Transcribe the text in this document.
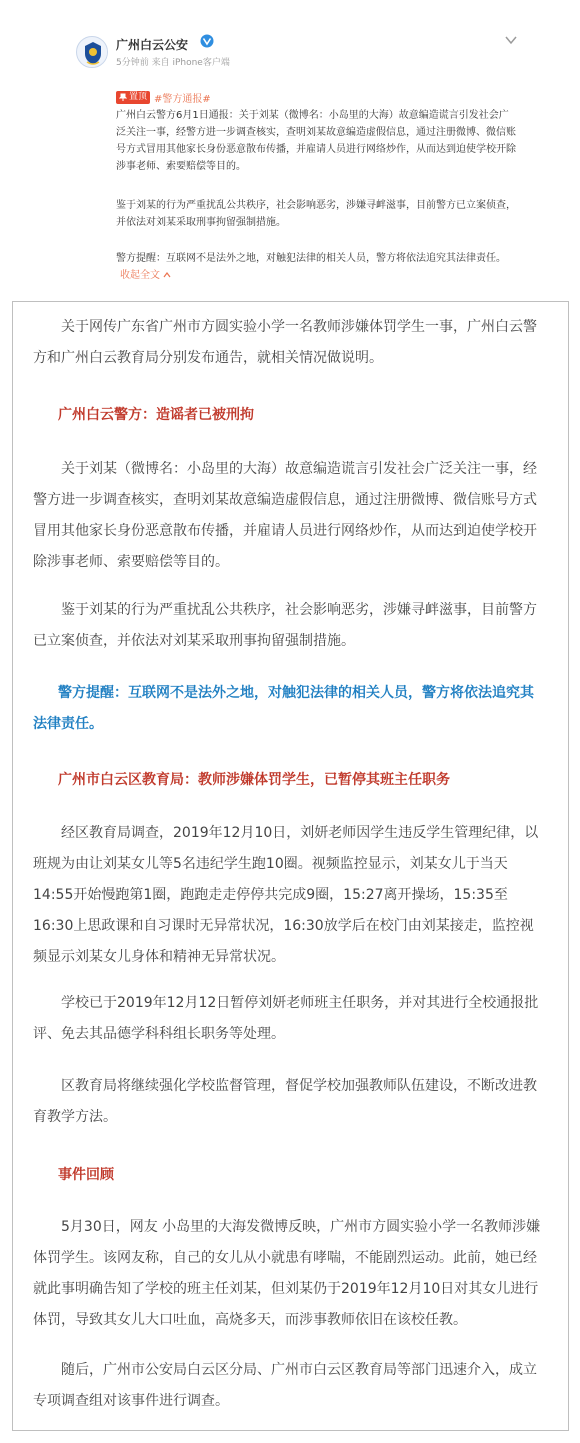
广州白云公安
5分钟前 来自 iPhone客户端
置顶 #警方通报#
广州白云警方6月1日通报：关于刘某（微博名：小岛里的大海）故意编造谎言引发社会广泛关注一事，经警方进一步调查核实，查明刘某故意编造虚假信息，通过注册微博、微信账号方式冒用其他家长身份恶意散布传播，并雇请人员进行网络炒作，从而达到迫使学校开除涉事老师、索要赔偿等目的。
鉴于刘某的行为严重扰乱公共秩序，社会影响恶劣，涉嫌寻衅滋事，目前警方已立案侦查，并依法对刘某采取刑事拘留强制措施。
警方提醒：互联网不是法外之地，对触犯法律的相关人员，警方将依法追究其法律责任。收起全文
关于网传广东省广州市方圆实验小学一名教师涉嫌体罚学生一事，广州白云警方和广州白云教育局分别发布通告，就相关情况做说明。
广州白云警方：造谣者已被刑拘
关于刘某（微博名：小岛里的大海）故意编造谎言引发社会广泛关注一事，经警方进一步调查核实，查明刘某故意编造虚假信息，通过注册微博、微信账号方式冒用其他家长身份恶意散布传播，并雇请人员进行网络炒作，从而达到迫使学校开除涉事老师、索要赔偿等目的。
鉴于刘某的行为严重扰乱公共秩序，社会影响恶劣，涉嫌寻衅滋事，目前警方已立案侦查，并依法对刘某采取刑事拘留强制措施。
警方提醒：互联网不是法外之地，对触犯法律的相关人员，警方将依法追究其法律责任。
广州市白云区教育局：教师涉嫌体罚学生，已暂停其班主任职务
经区教育局调查，2019年12月10日，刘妍老师因学生违反学生管理纪律，以班规为由让刘某女儿等5名违纪学生跑10圈。视频监控显示，刘某女儿于当天14:55开始慢跑第1圈，跑跑走走停停共完成9圈，15:27离开操场，15:35至16:30上思政课和自习课时无异常状况，16:30放学后在校门由刘某接走，监控视频显示刘某女儿身体和精神无异常状况。
学校已于2019年12月12日暂停刘妍老师班主任职务，并对其进行全校通报批评、免去其品德学科科组长职务等处理。
区教育局将继续强化学校监督管理，督促学校加强教师队伍建设，不断改进教育教学方法。
事件回顾
5月30日，网友 小岛里的大海发微博反映，广州市方圆实验小学一名教师涉嫌体罚学生。该网友称，自己的女儿从小就患有哮喘，不能剧烈运动。此前，她已经就此事明确告知了学校的班主任刘某，但刘某仍于2019年12月10日对其女儿进行体罚，导致其女儿大口吐血，高烧多天，而涉事教师依旧在该校任教。
随后，广州市公安局白云区分局、广州市白云区教育局等部门迅速介入，成立专项调查组对该事件进行调查。
